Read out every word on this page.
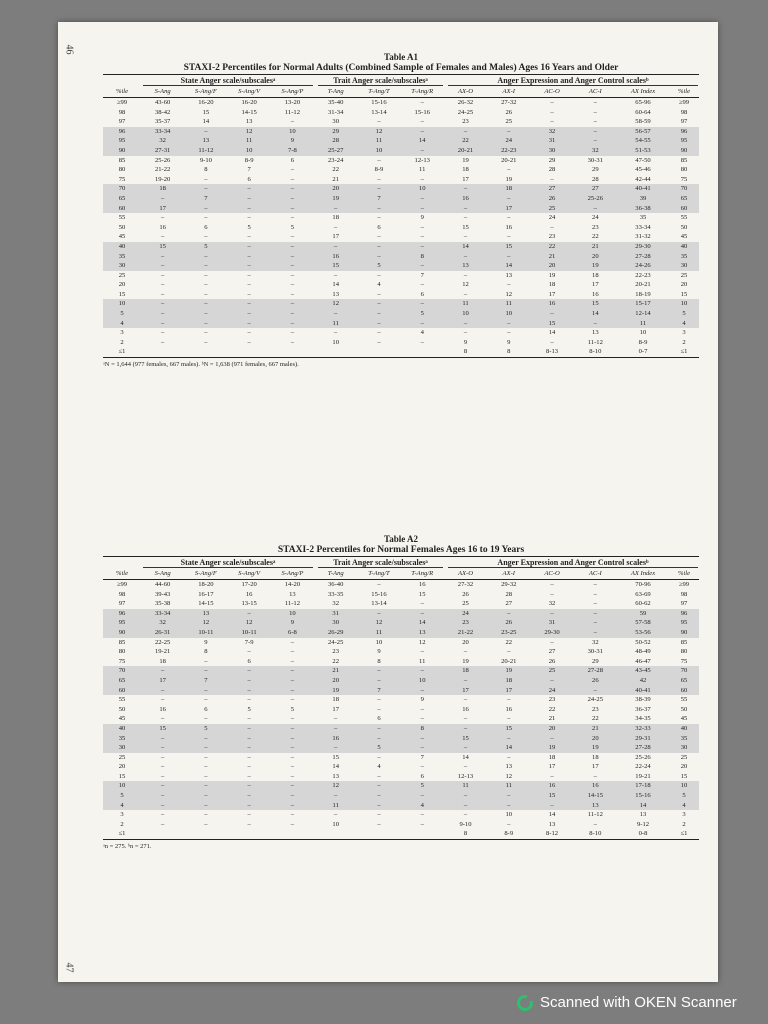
46
47
Table A1
STAXI-2 Percentiles for Normal Adults (Combined Sample of Females and Males) Ages 16 Years and Older
State Anger scale/subscalesᵃ	Trait Anger scale/subscalesᵃ	Anger Expression and Anger Control scalesᵇ
%ile	S-Ang	S-Ang/F	S-Ang/V	S-Ang/P	T-Ang	T-Ang/T	T-Ang/R	AX-O	AX-I	AC-O	AC-I	AX Index	%ile
≥99	43-60	16-20	16-20	13-20	35-40	15-16	–	26-32	27-32	–	–	65-96	≥99
98	38-42	15	14-15	11-12	31-34	13-14	15-16	24-25	26	–	–	60-64	98
97	35-37	14	13	–	30	–	–	23	25	–	–	58-59	97
96	33-34	–	12	10	29	12	–	–	–	32	–	56-57	96
95	32	13	11	9	28	11	14	22	24	31	–	54-55	95
90	27-31	11-12	10	7-8	25-27	10	–	20-21	22-23	30	32	51-53	90
85	25-26	9-10	8-9	6	23-24	–	12-13	19	20-21	29	30-31	47-50	85
80	21-22	8	7	–	22	8-9	11	18	–	28	29	45-46	80
75	19-20	–	6	–	21	–	–	17	19	–	28	42-44	75
70	18	–	–	–	20	–	10	–	18	27	27	40-41	70
65	–	7	–	–	19	7	–	16	–	26	25-26	39	65
60	17	–	–	–	–	–	–	–	17	25	–	36-38	60
55	–	–	–	–	18	–	9	–	–	24	24	35	55
50	16	6	5	5	–	6	–	15	16	–	23	33-34	50
45	–	–	–	–	17	–	–	–	–	23	22	31-32	45
40	15	5	–	–	–	–	–	14	15	22	21	29-30	40
35	–	–	–	–	16	–	8	–	–	21	20	27-28	35
30	–	–	–	–	15	5	–	13	14	20	19	24-26	30
25	–	–	–	–	–	–	7	–	13	19	18	22-23	25
20	–	–	–	–	14	4	–	12	–	18	17	20-21	20
15	–	–	–	–	13	–	6	–	12	17	16	18-19	15
10	–	–	–	–	12	–	–	11	11	16	15	15-17	10
5	–	–	–	–	–	–	5	10	10	–	14	12-14	5
4	–	–	–	–	11	–	–	–	–	15	–	11	4
3	–	–	–	–	–	–	4	–	–	14	13	10	3
2	–	–	–	–	10	–	–	9	9	–	11-12	8-9	2
≤1								8	8	8-13	8-10	0-7	≤1
ᵃN = 1,644 (977 females, 667 males). ᵇN = 1,638 (971 females, 667 males).
Table A2
STAXI-2 Percentiles for Normal Females Ages 16 to 19 Years
State Anger scale/subscalesᵃ	Trait Anger scale/subscalesᵃ	Anger Expression and Anger Control scalesᵇ
%ile	S-Ang	S-Ang/F	S-Ang/V	S-Ang/P	T-Ang	T-Ang/T	T-Ang/R	AX-O	AX-I	AC-O	AC-I	AX Index	%ile
≥99	44-60	18-20	17-20	14-20	36-40	–	16	27-32	29-32	–	–	70-96	≥99
98	39-43	16-17	16	13	33-35	15-16	15	26	28	–	–	63-69	98
97	35-38	14-15	13-15	11-12	32	13-14	–	25	27	32	–	60-62	97
96	33-34	13	–	10	31	–	–	24	–	–	–	59	96
95	32	12	12	9	30	12	14	23	26	31	–	57-58	95
90	26-31	10-11	10-11	6-8	26-29	11	13	21-22	23-25	29-30	–	53-56	90
85	22-25	9	7-9	–	24-25	10	12	20	22	–	32	50-52	85
80	19-21	8	–	–	23	9	–	–	–	27	30-31	48-49	80
75	18	–	6	–	22	8	11	19	20-21	26	29	46-47	75
70	–	–	–	–	21	–	–	18	19	25	27-28	43-45	70
65	17	7	–	–	20	–	10	–	18	–	26	42	65
60	–	–	–	–	19	7	–	17	17	24	–	40-41	60
55	–	–	–	–	18	–	9	–	–	23	24-25	38-39	55
50	16	6	5	5	17	–	–	16	16	22	23	36-37	50
45	–	–	–	–	–	6	–	–	–	21	22	34-35	45
40	15	5	–	–	–	–	8	–	15	20	21	32-33	40
35	–	–	–	–	16	–	–	15	–	–	20	29-31	35
30	–	–	–	–	–	5	–	–	14	19	19	27-28	30
25	–	–	–	–	15	–	7	14	–	18	18	25-26	25
20	–	–	–	–	14	4	–	–	13	17	17	22-24	20
15	–	–	–	–	13	–	6	12-13	12	–	–	19-21	15
10	–	–	–	–	12	–	5	11	11	16	16	17-18	10
5	–	–	–	–	–	–	–	–	–	15	14-15	15-16	5
4	–	–	–	–	11	–	4	–	–	–	13	14	4
3	–	–	–	–	–	–	–	–	10	14	11-12	13	3
2	–	–	–	–	10	–	–	9-10	–	13	–	9-12	2
≤1								8	8-9	8-12	8-10	0-8	≤1
ᵃn = 275. ᵇn = 271.
Scanned with OKEN Scanner
